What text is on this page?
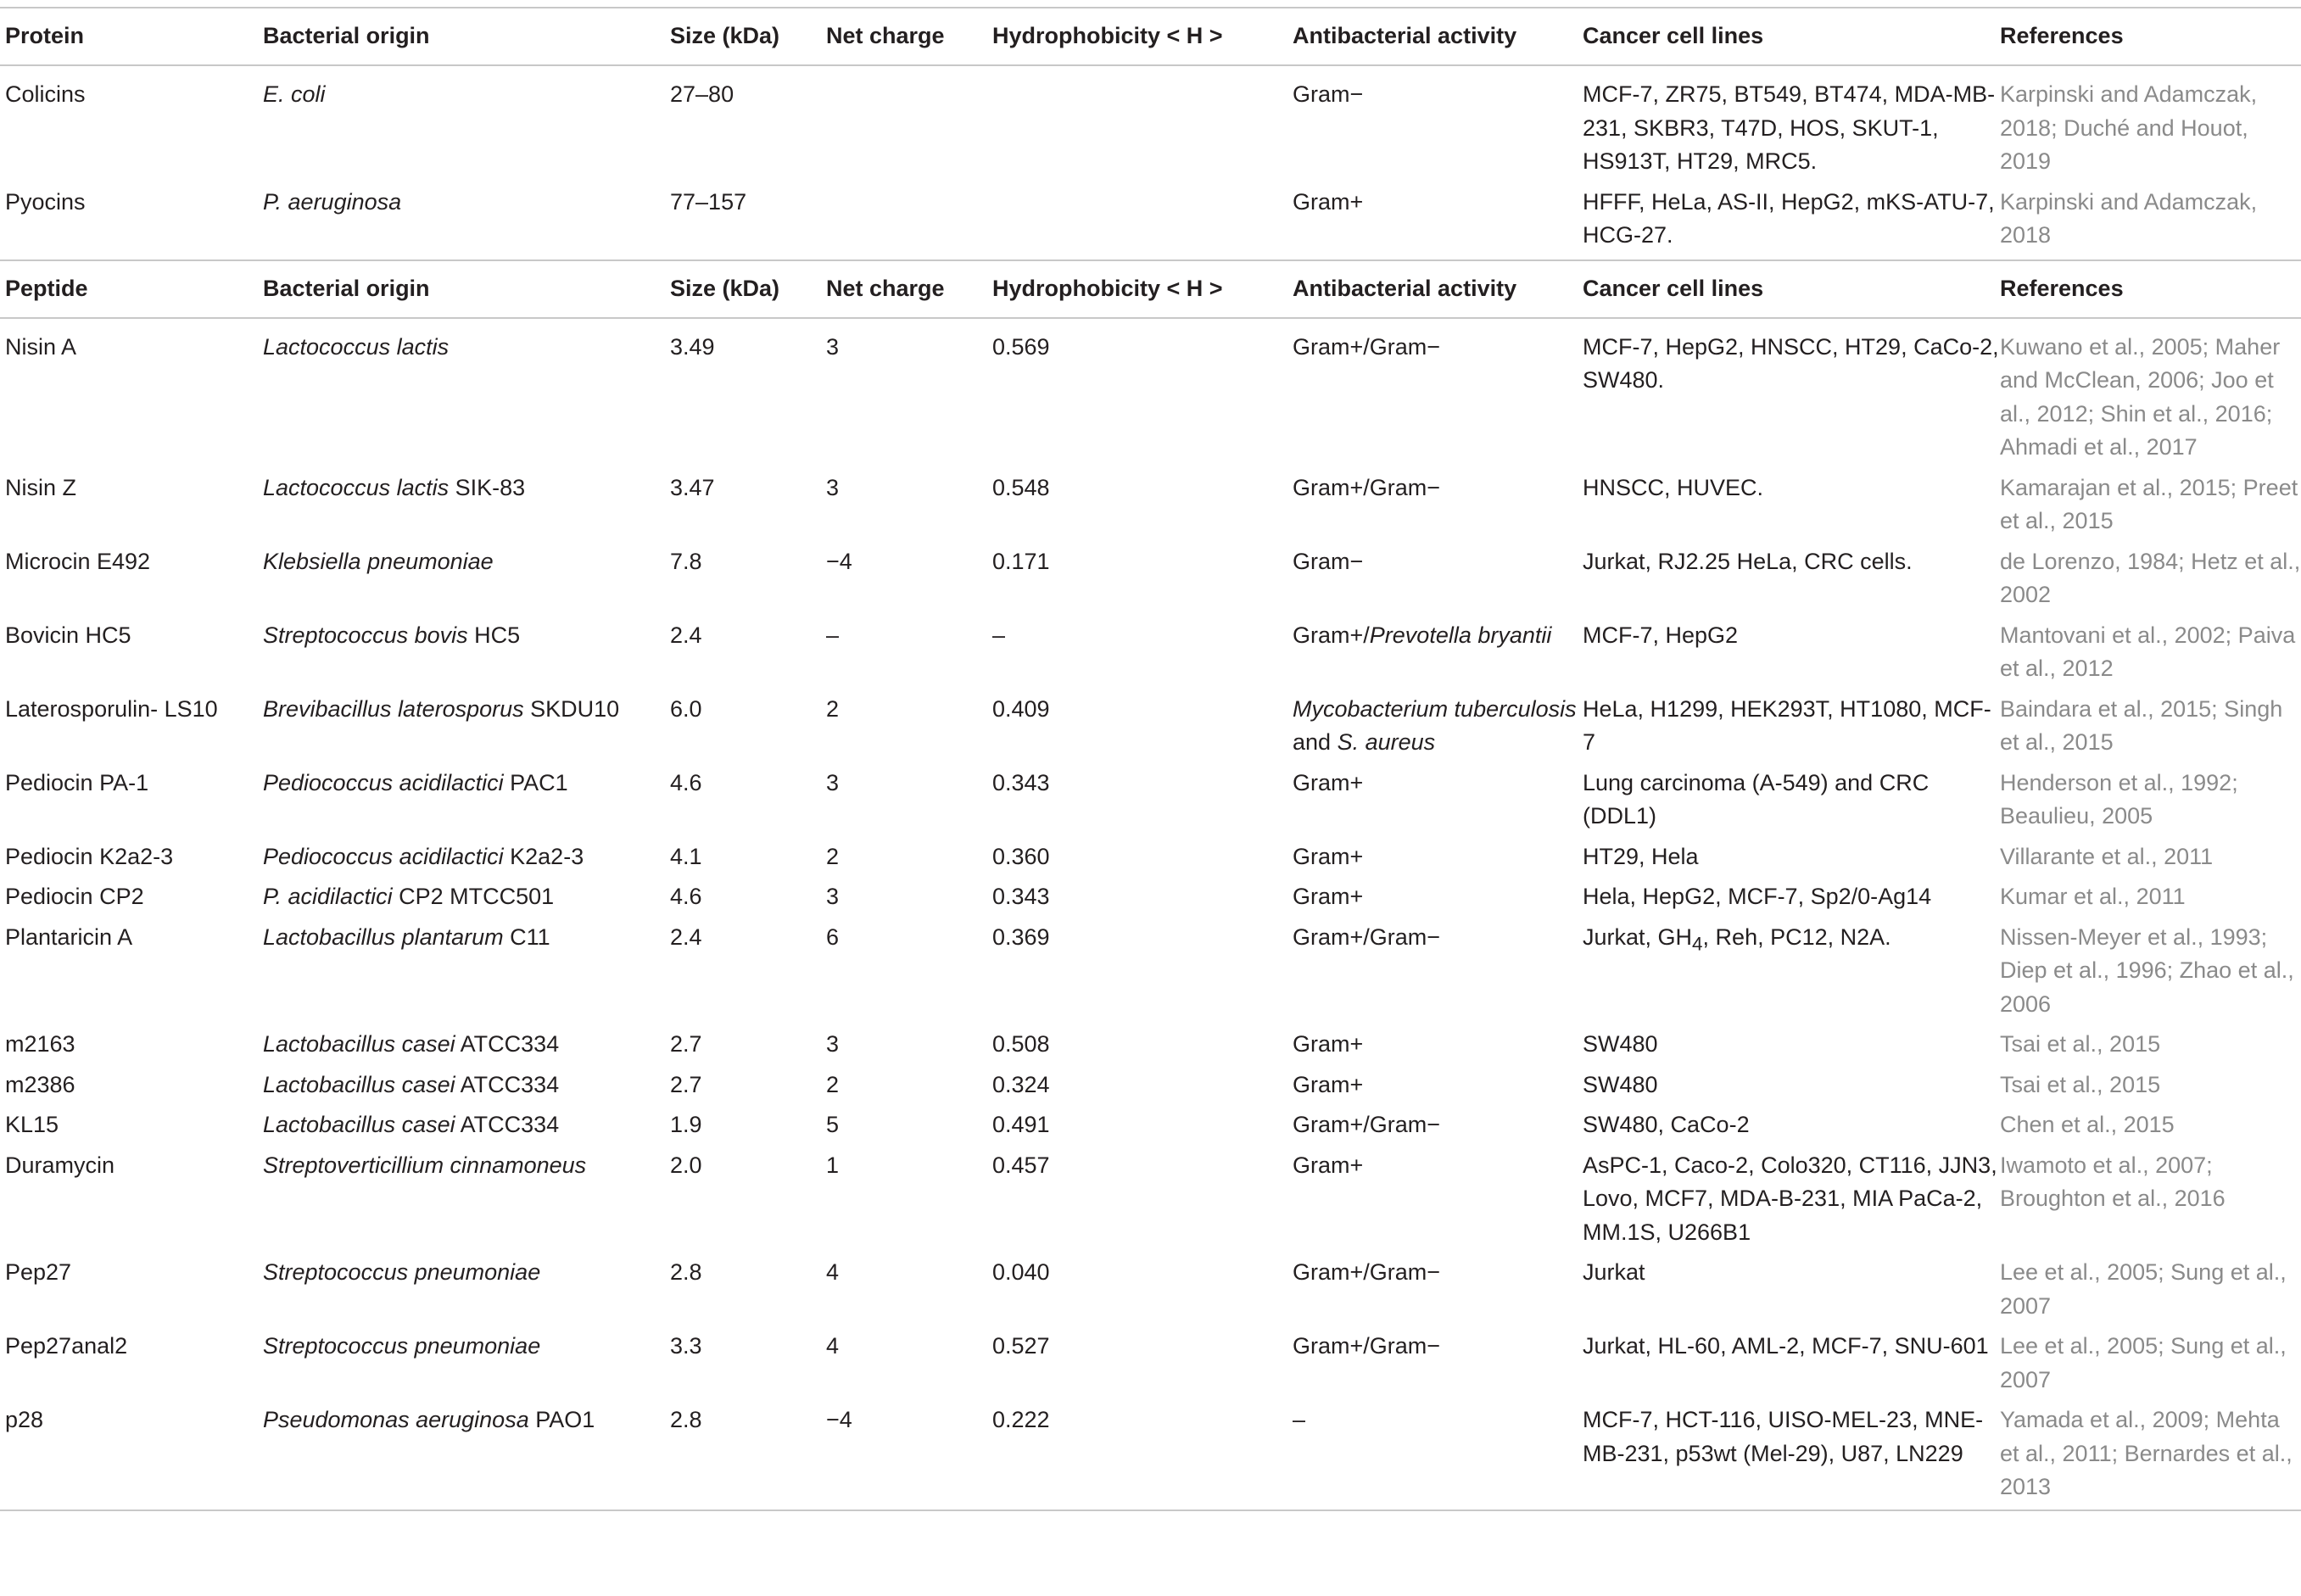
Protein	Bacterial origin	Size (kDa)	Net charge	Hydrophobicity < H >	Antibacterial activity	Cancer cell lines	References
Colicins	E. coli	27–80			Gram−	MCF-7, ZR75, BT549, BT474, MDA-MB-231, SKBR3, T47D, HOS, SKUT-1, HS913T, HT29, MRC5.	Karpinski and Adamczak, 2018; Duché and Houot, 2019
Pyocins	P. aeruginosa	77–157			Gram+	HFFF, HeLa, AS-II, HepG2, mKS-ATU-7, HCG-27.	Karpinski and Adamczak, 2018
Peptide	Bacterial origin	Size (kDa)	Net charge	Hydrophobicity < H >	Antibacterial activity	Cancer cell lines	References
Nisin A	Lactococcus lactis	3.49	3	0.569	Gram+/Gram−	MCF-7, HepG2, HNSCC, HT29, CaCo-2, SW480.	Kuwano et al., 2005; Maher and McClean, 2006; Joo et al., 2012; Shin et al., 2016; Ahmadi et al., 2017
Nisin Z	Lactococcus lactis SIK-83	3.47	3	0.548	Gram+/Gram−	HNSCC, HUVEC.	Kamarajan et al., 2015; Preet et al., 2015
Microcin E492	Klebsiella pneumoniae	7.8	−4	0.171	Gram−	Jurkat, RJ2.25 HeLa, CRC cells.	de Lorenzo, 1984; Hetz et al., 2002
Bovicin HC5	Streptococcus bovis HC5	2.4	–	–	Gram+/Prevotella bryantii	MCF-7, HepG2	Mantovani et al., 2002; Paiva et al., 2012
Laterosporulin- LS10	Brevibacillus laterosporus SKDU10	6.0	2	0.409	Mycobacterium tuberculosis and S. aureus	HeLa, H1299, HEK293T, HT1080, MCF-7	Baindara et al., 2015; Singh et al., 2015
Pediocin PA-1	Pediococcus acidilactici PAC1	4.6	3	0.343	Gram+	Lung carcinoma (A-549) and CRC (DDL1)	Henderson et al., 1992; Beaulieu, 2005
Pediocin K2a2-3	Pediococcus acidilactici K2a2-3	4.1	2	0.360	Gram+	HT29, Hela	Villarante et al., 2011
Pediocin CP2	P. acidilactici CP2 MTCC501	4.6	3	0.343	Gram+	Hela, HepG2, MCF-7, Sp2/0-Ag14	Kumar et al., 2011
Plantaricin A	Lactobacillus plantarum C11	2.4	6	0.369	Gram+/Gram−	Jurkat, $GH_4$, Reh, PC12, N2A.	Nissen-Meyer et al., 1993; Diep et al., 1996; Zhao et al., 2006
m2163	Lactobacillus casei ATCC334	2.7	3	0.508	Gram+	SW480	Tsai et al., 2015
m2386	Lactobacillus casei ATCC334	2.7	2	0.324	Gram+	SW480	Tsai et al., 2015
KL15	Lactobacillus casei ATCC334	1.9	5	0.491	Gram+/Gram−	SW480, CaCo-2	Chen et al., 2015
Duramycin	Streptoverticillium cinnamoneus	2.0	1	0.457	Gram+	AsPC-1, Caco-2, Colo320, CT116, JJN3, Lovo, MCF7, MDA-B-231, MIA PaCa-2, MM.1S, U266B1	Iwamoto et al., 2007; Broughton et al., 2016
Pep27	Streptococcus pneumoniae	2.8	4	0.040	Gram+/Gram−	Jurkat	Lee et al., 2005; Sung et al., 2007
Pep27anal2	Streptococcus pneumoniae	3.3	4	0.527	Gram+/Gram−	Jurkat, HL-60, AML-2, MCF-7, SNU-601	Lee et al., 2005; Sung et al., 2007
p28	Pseudomonas aeruginosa PAO1	2.8	−4	0.222	–	MCF-7, HCT-116, UISO-MEL-23, MNE-MB-231, p53wt (Mel-29), U87, LN229	Yamada et al., 2009; Mehta et al., 2011; Bernardes et al., 2013
